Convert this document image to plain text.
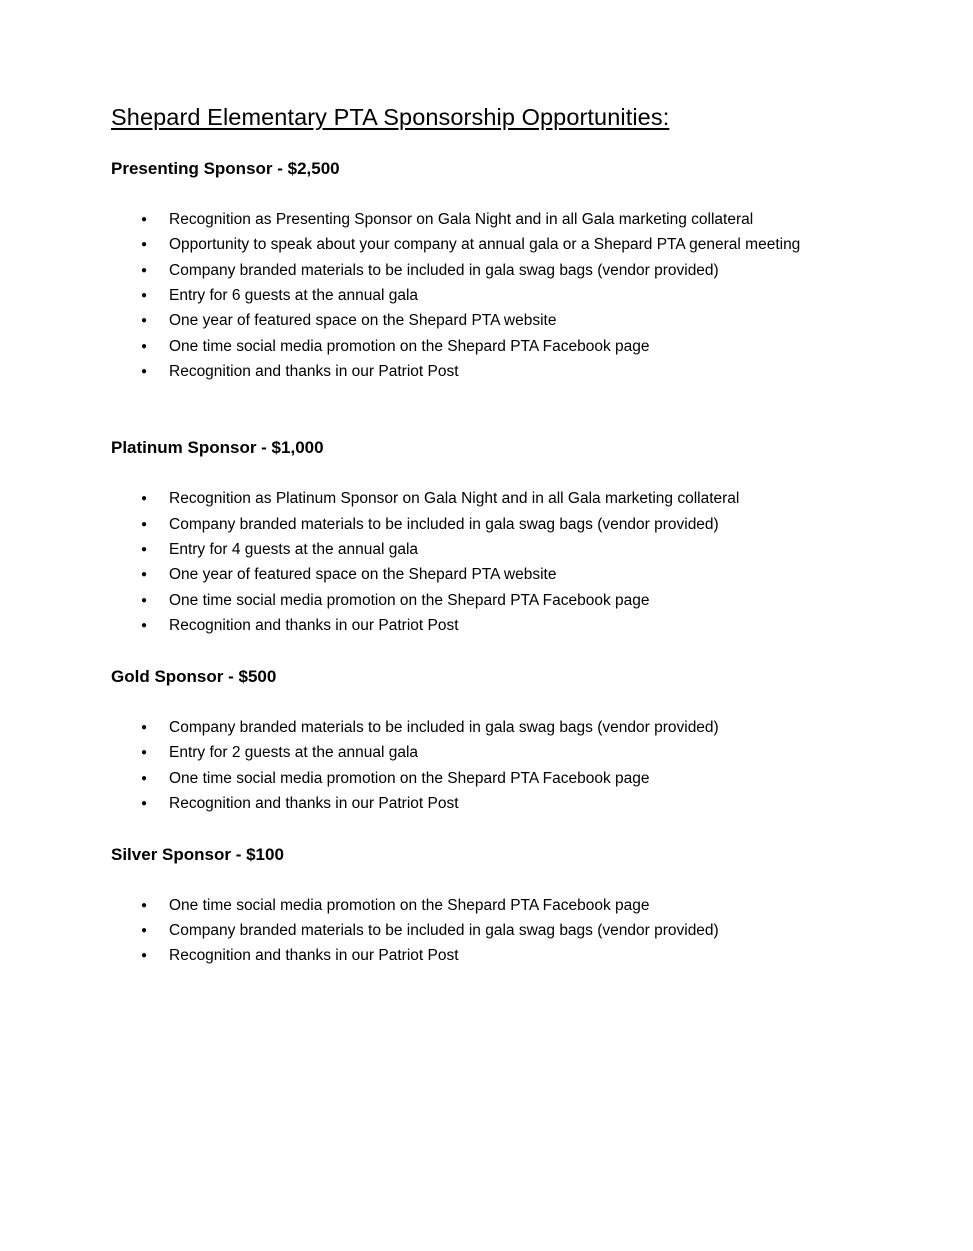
Shepard Elementary PTA Sponsorship Opportunities:
Presenting Sponsor - $2,500
● Recognition as Presenting Sponsor on Gala Night and in all Gala marketing collateral
● Opportunity to speak about your company at annual gala or a Shepard PTA general meeting
● Company branded materials to be included in gala swag bags (vendor provided)
● Entry for 6 guests at the annual gala
● One year of featured space on the Shepard PTA website
● One time social media promotion on the Shepard PTA Facebook page
● Recognition and thanks in our Patriot Post
Platinum Sponsor - $1,000
● Recognition as Platinum Sponsor on Gala Night and in all Gala marketing collateral
● Company branded materials to be included in gala swag bags (vendor provided)
● Entry for 4 guests at the annual gala
● One year of featured space on the Shepard PTA website
● One time social media promotion on the Shepard PTA Facebook page
● Recognition and thanks in our Patriot Post
Gold Sponsor - $500
● Company branded materials to be included in gala swag bags (vendor provided)
● Entry for 2 guests at the annual gala
● One time social media promotion on the Shepard PTA Facebook page
● Recognition and thanks in our Patriot Post
Silver Sponsor - $100
● One time social media promotion on the Shepard PTA Facebook page
● Company branded materials to be included in gala swag bags (vendor provided)
● Recognition and thanks in our Patriot Post
